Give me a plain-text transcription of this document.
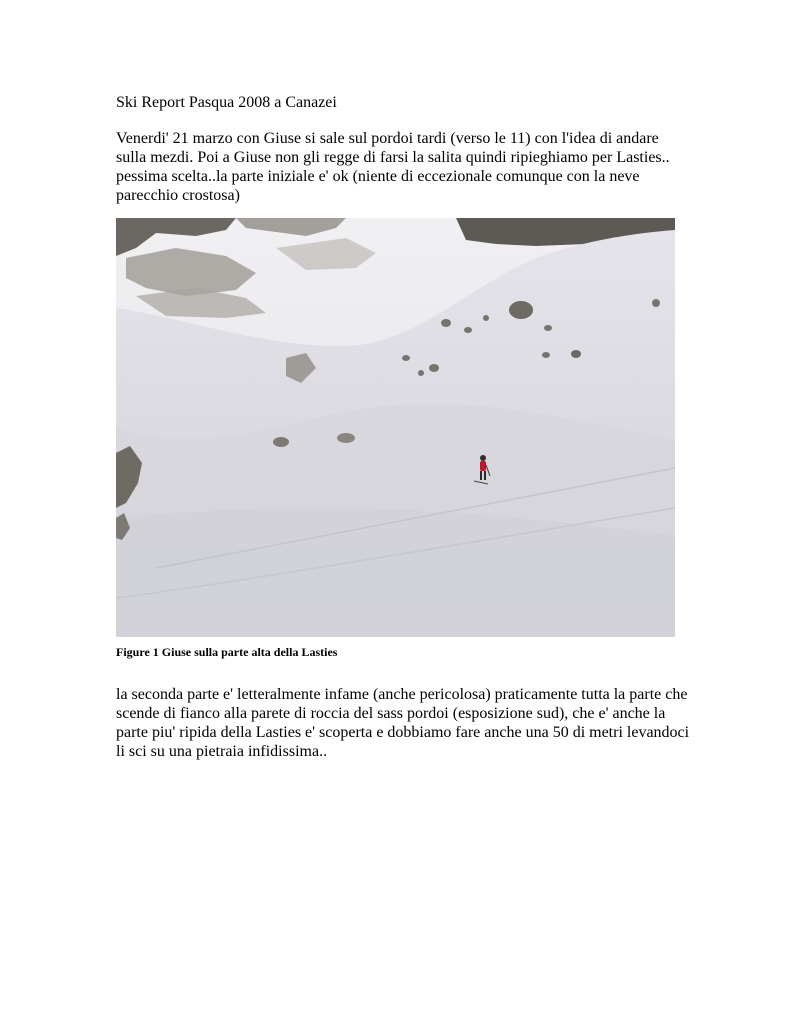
Ski Report Pasqua 2008 a Canazei
Venerdi' 21 marzo con Giuse si sale sul pordoi tardi (verso le 11) con l'idea di andare
sulla mezdi. Poi a Giuse non gli regge di farsi la salita quindi ripieghiamo per Lasties..
pessima scelta..la parte iniziale e' ok (niente di eccezionale comunque con la neve
parecchio crostosa)
Figure 1 Giuse sulla parte alta della Lasties
la seconda parte e' letteralmente infame (anche pericolosa) praticamente tutta la parte che
scende di fianco alla parete di roccia del sass pordoi (esposizione sud), che e' anche la
parte piu' ripida della Lasties e' scoperta e dobbiamo fare anche una 50 di metri levandoci
li sci su una pietraia infidissima..
